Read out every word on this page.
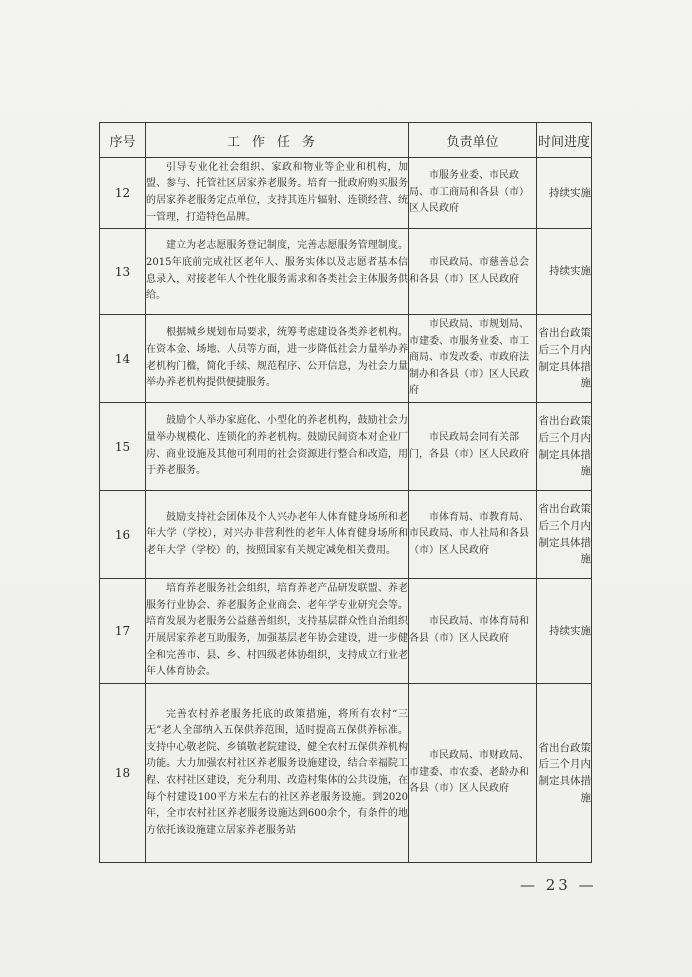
序号	工作任务	负责单位	时间进度
12	引导专业化社会组织、家政和物业等企业和机构，加盟、参与、托管社区居家养老服务。培育一批政府购买服务的居家养老服务定点单位，支持其连片辐射、连锁经营、统一管理，打造特色品牌。	市服务业委、市民政局、市工商局和各县（市）区人民政府	持续实施
13	建立为老志愿服务登记制度，完善志愿服务管理制度。2015年底前完成社区老年人、服务实体以及志愿者基本信息录入，对接老年人个性化服务需求和各类社会主体服务供给。	市民政局、市慈善总会和各县（市）区人民政府	持续实施
14	根据城乡规划布局要求，统筹考虑建设各类养老机构。在资本金、场地、人员等方面，进一步降低社会力量举办养老机构门槛，简化手续、规范程序、公开信息，为社会力量举办养老机构提供便捷服务。	市民政局、市规划局、市建委、市服务业委、市工商局、市发改委、市政府法制办和各县（市）区人民政府	省出台政策后三个月内制定具体措施
15	鼓励个人举办家庭化、小型化的养老机构，鼓励社会力量举办规模化、连锁化的养老机构。鼓励民间资本对企业厂房、商业设施及其他可利用的社会资源进行整合和改造，用于养老服务。	市民政局会同有关部门，各县（市）区人民政府	省出台政策后三个月内制定具体措施
16	鼓励支持社会团体及个人兴办老年人体育健身场所和老年大学（学校），对兴办非营利性的老年人体育健身场所和老年大学（学校）的，按照国家有关规定减免相关费用。	市体育局、市教育局、市民政局、市人社局和各县（市）区人民政府	省出台政策后三个月内制定具体措施
17	培育养老服务社会组织，培育养老产品研发联盟、养老服务行业协会、养老服务企业商会、老年学专业研究会等。培育发展为老服务公益慈善组织，支持基层群众性自治组织开展居家养老互助服务，加强基层老年协会建设，进一步健全和完善市、县、乡、村四级老体协组织，支持成立行业老年人体育协会。	市民政局、市体育局和各县（市）区人民政府	持续实施
18	完善农村养老服务托底的政策措施，将所有农村“三无”老人全部纳入五保供养范围，适时提高五保供养标准。支持中心敬老院、乡镇敬老院建设，健全农村五保供养机构功能。大力加强农村社区养老服务设施建设，结合幸福院工程、农村社区建设，充分利用、改造村集体的公共设施，在每个村建设100平方米左右的社区养老服务设施。到2020年，全市农村社区养老服务设施达到600余个，有条件的地方依托该设施建立居家养老服务站	市民政局、市财政局、市建委、市农委、老龄办和各县（市）区人民政府	省出台政策后三个月内制定具体措施
— 23 —
